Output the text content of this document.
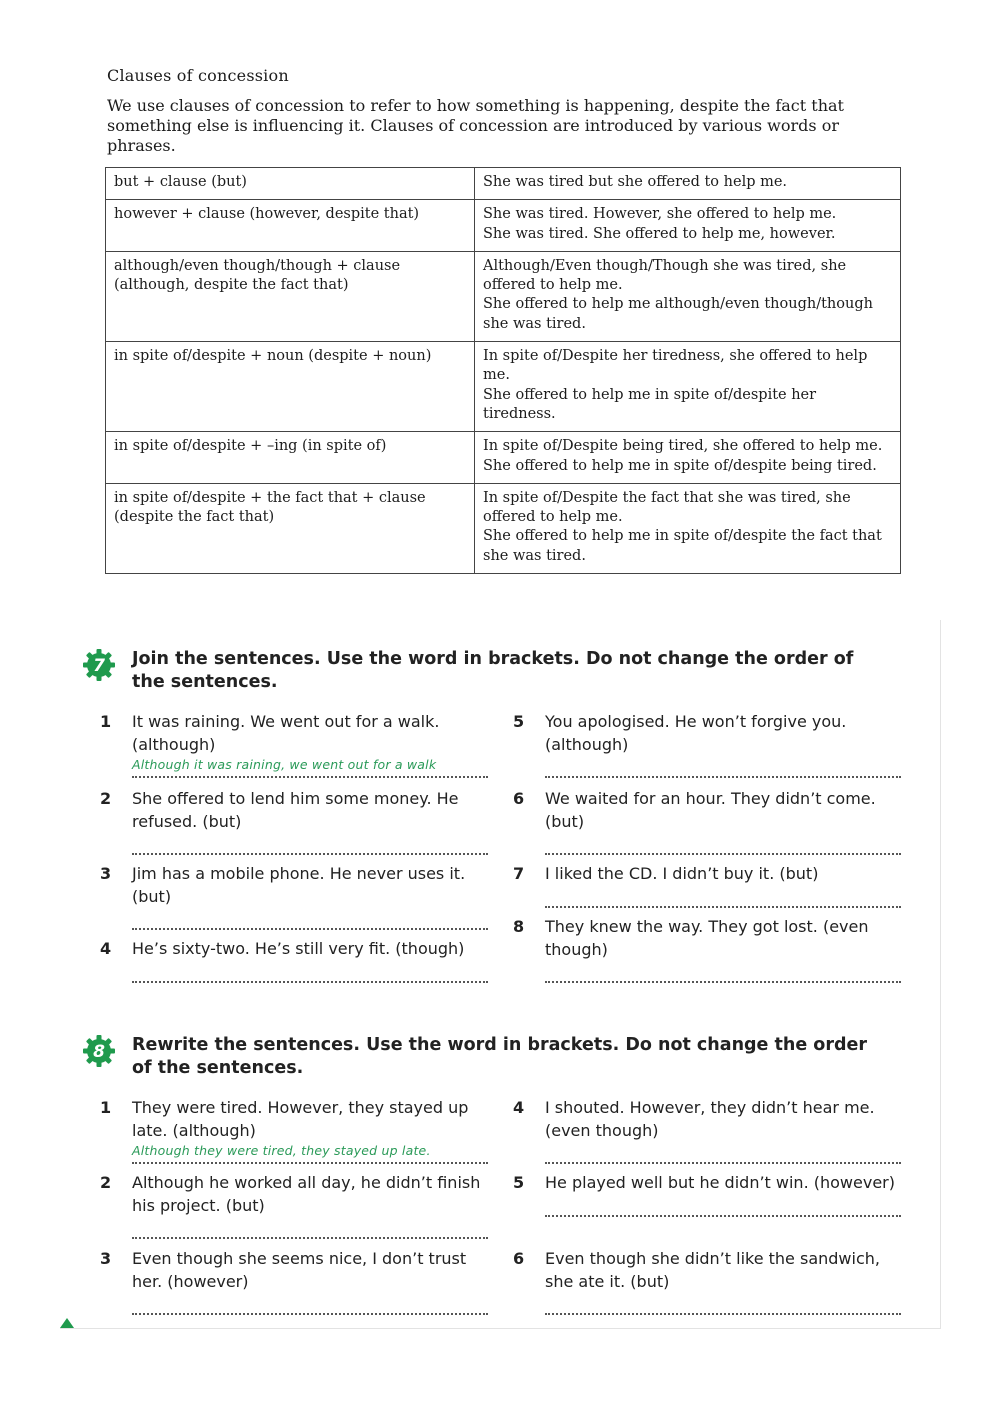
Clauses of concession
We use clauses of concession to refer to how something is happening, despite the fact that something else is influencing it. Clauses of concession are introduced by various words or phrases.
but + clause (but)	She was tired but she offered to help me.

however + clause (however, despite that)	She was tired. However, she offered to help me.
She was tired. She offered to help me, however.

although/even though/though + clause (although, despite the fact that)	Although/Even though/Though she was tired, she offered to help me.
She offered to help me although/even though/though she was tired.

in spite of/despite + noun (despite + noun)	In spite of/Despite her tiredness, she offered to help me.
She offered to help me in spite of/despite her tiredness.

in spite of/despite + –ing (in spite of)	In spite of/Despite being tired, she offered to help me.
She offered to help me in spite of/despite being tired.

in spite of/despite + the fact that + clause (despite the fact that)	In spite of/Despite the fact that she was tired, she offered to help me.
She offered to help me in spite of/despite the fact that she was tired.
7 Join the sentences. Use the word in brackets. Do not change the order of the sentences.
1 It was raining. We went out for a walk. (although)
Although it was raining, we went out for a walk
2 She offered to lend him some money. He refused. (but)
3 Jim has a mobile phone. He never uses it. (but)
4 He’s sixty-two. He’s still very fit. (though)
5 You apologised. He won’t forgive you. (although)
6 We waited for an hour. They didn’t come. (but)
7 I liked the CD. I didn’t buy it. (but)
8 They knew the way. They got lost. (even though)
8 Rewrite the sentences. Use the word in brackets. Do not change the order of the sentences.
1 They were tired. However, they stayed up late. (although)
Although they were tired, they stayed up late.
2 Although he worked all day, he didn’t finish his project. (but)
3 Even though she seems nice, I don’t trust her. (however)
4 I shouted. However, they didn’t hear me. (even though)
5 He played well but he didn’t win. (however)
6 Even though she didn’t like the sandwich, she ate it. (but)
